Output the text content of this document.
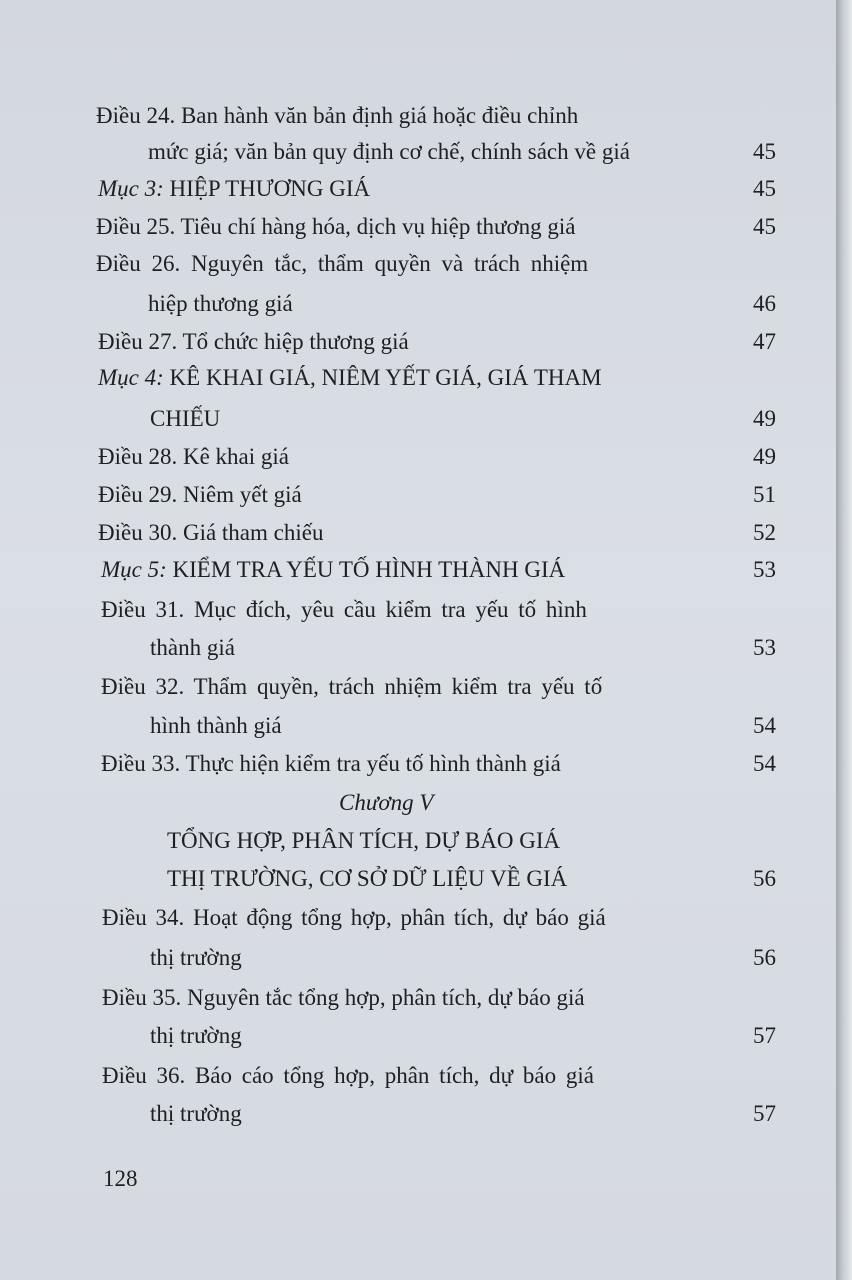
Điều 24. Ban hành văn bản định giá hoặc điều chỉnh
mức giá; văn bản quy định cơ chế, chính sách về giá	45
Mục 3: HIỆP THƯƠNG GIÁ	45
Điều 25. Tiêu chí hàng hóa, dịch vụ hiệp thương giá	45
Điều 26. Nguyên tắc, thẩm quyền và trách nhiệm
hiệp thương giá	46
Điều 27. Tổ chức hiệp thương giá	47
Mục 4: KÊ KHAI GIÁ, NIÊM YẾT GIÁ, GIÁ THAM
CHIẾU	49
Điều 28. Kê khai giá	49
Điều 29. Niêm yết giá	51
Điều 30. Giá tham chiếu	52
Mục 5: KIỂM TRA YẾU TỐ HÌNH THÀNH GIÁ	53
Điều 31. Mục đích, yêu cầu kiểm tra yếu tố hình
thành giá	53
Điều 32. Thẩm quyền, trách nhiệm kiểm tra yếu tố
hình thành giá	54
Điều 33. Thực hiện kiểm tra yếu tố hình thành giá	54
Chương V
TỔNG HỢP, PHÂN TÍCH, DỰ BÁO GIÁ
THỊ TRƯỜNG, CƠ SỞ DỮ LIỆU VỀ GIÁ	56
Điều 34. Hoạt động tổng hợp, phân tích, dự báo giá
thị trường	56
Điều 35. Nguyên tắc tổng hợp, phân tích, dự báo giá
thị trường	57
Điều 36. Báo cáo tổng hợp, phân tích, dự báo giá
thị trường	57
128
